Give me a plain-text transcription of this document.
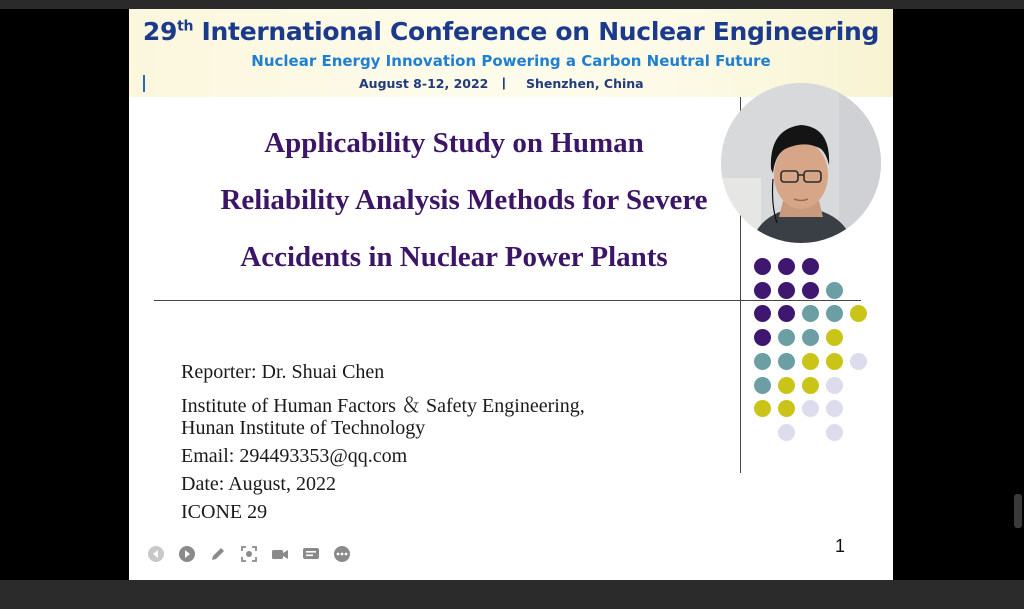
29th International Conference on Nuclear Engineering
Nuclear Energy Innovation Powering a Carbon Neutral Future
August 8-12, 2022 | Shenzhen, China
Applicability Study on Human
Reliability Analysis Methods for Severe
Accidents in Nuclear Power Plants
Reporter: Dr. Shuai Chen
Institute of Human Factors ＆ Safety Engineering,
Hunan Institute of Technology
Email: 294493353@qq.com
Date: August, 2022
ICONE 29
1
